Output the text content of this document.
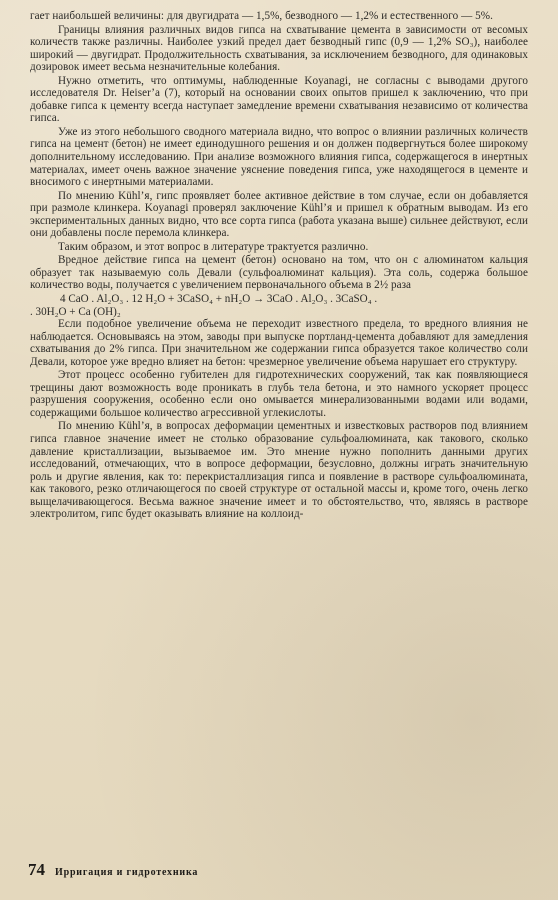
гает наибольшей величины: для двугидрата — 1,5%, безводного — 1,2% и естественного — 5%.

Границы влияния различных видов гипса на схватывание цемента в зависимости от весомых количеств также различны. Наиболее узкий предел дает безводный гипс (0,9 — 1,2% SO₃), наиболее широкий — двугидрат. Продолжительность схватывания, за исключением безводного, для одинаковых дозировок имеет весьма незначительные колебания.

Нужно отметить, что оптимумы, наблюденные Koyanagi, не согласны с выводами другого исследователя Dr. Heiser’a (7), который на основании своих опытов пришел к заключению, что при добавке гипса к цементу всегда наступает замедление времени схватывания независимо от количества гипса.

Уже из этого небольшого сводного материала видно, что вопрос о влиянии различных количеств гипса на цемент (бетон) не имеет единодушного решения и он должен подвергнуться более широкому дополнительному исследованию. При анализе возможного влияния гипса, содержащегося в инертных материалах, имеет очень важное значение уяснение поведения гипса, уже находящегося в цементе и вносимого с инертными материалами.

По мнению Kühl’я, гипс проявляет более активное действие в том случае, если он добавляется при размоле клинкера. Koyanagi проверял заключение Kühl’я и пришел к обратным выводам. Из его экспериментальных данных видно, что все сорта гипса (работа указана выше) сильнее действуют, если они добавлены после перемола клинкера.

Таким образом, и этот вопрос в литературе трактуется различно.

Вредное действие гипса на цемент (бетон) основано на том, что он с алюминатом кальция образует так называемую соль Девали (сульфоалюминат кальция). Эта соль, содержа большое количество воды, получается с увеличением первоначального объема в 2½ раза

4 CaO . Al₂O₃ . 12 H₂O + 3CaSO₄ + nH₂O → 3CaO . Al₂O₃ . 3CaSO₄ .

. 30H₂O + Ca (OH)₂

Если подобное увеличение объема не переходит известного предела, то вредного влияния не наблюдается. Основываясь на этом, заводы при выпуске портланд-цемента добавляют для замедления схватывания до 2% гипса. При значительном же содержании гипса образуется такое количество соли Девали, которое уже вредно влияет на бетон: чрезмерное увеличение объема нарушает его структуру.

Этот процесс особенно губителен для гидротехнических сооружений, так как появляющиеся трещины дают возможность воде проникать в глубь тела бетона, и это намного ускоряет процесс разрушения сооружения, особенно если оно омывается минерализованными водами или водами, содержащими большое количество агрессивной углекислоты.

По мнению Kühl’я, в вопросах деформации цементных и известковых растворов под влиянием гипса главное значение имеет не столько образование сульфоалюмината, как такового, сколько давление кристаллизации, вызываемое им. Это мнение нужно пополнить данными других исследований, отмечающих, что в вопросе деформации, безусловно, должны играть значительную роль и другие явления, как то: перекристаллизация гипса и появление в растворе сульфоалюмината, как такового, резко отличающегося по своей структуре от остальной массы и, кроме того, очень легко выщелачивающегося. Весьма важное значение имеет и то обстоятельство, что, являясь в растворе электролитом, гипс будет оказывать влияние на коллоид-

74 Ирригация и гидротехника
